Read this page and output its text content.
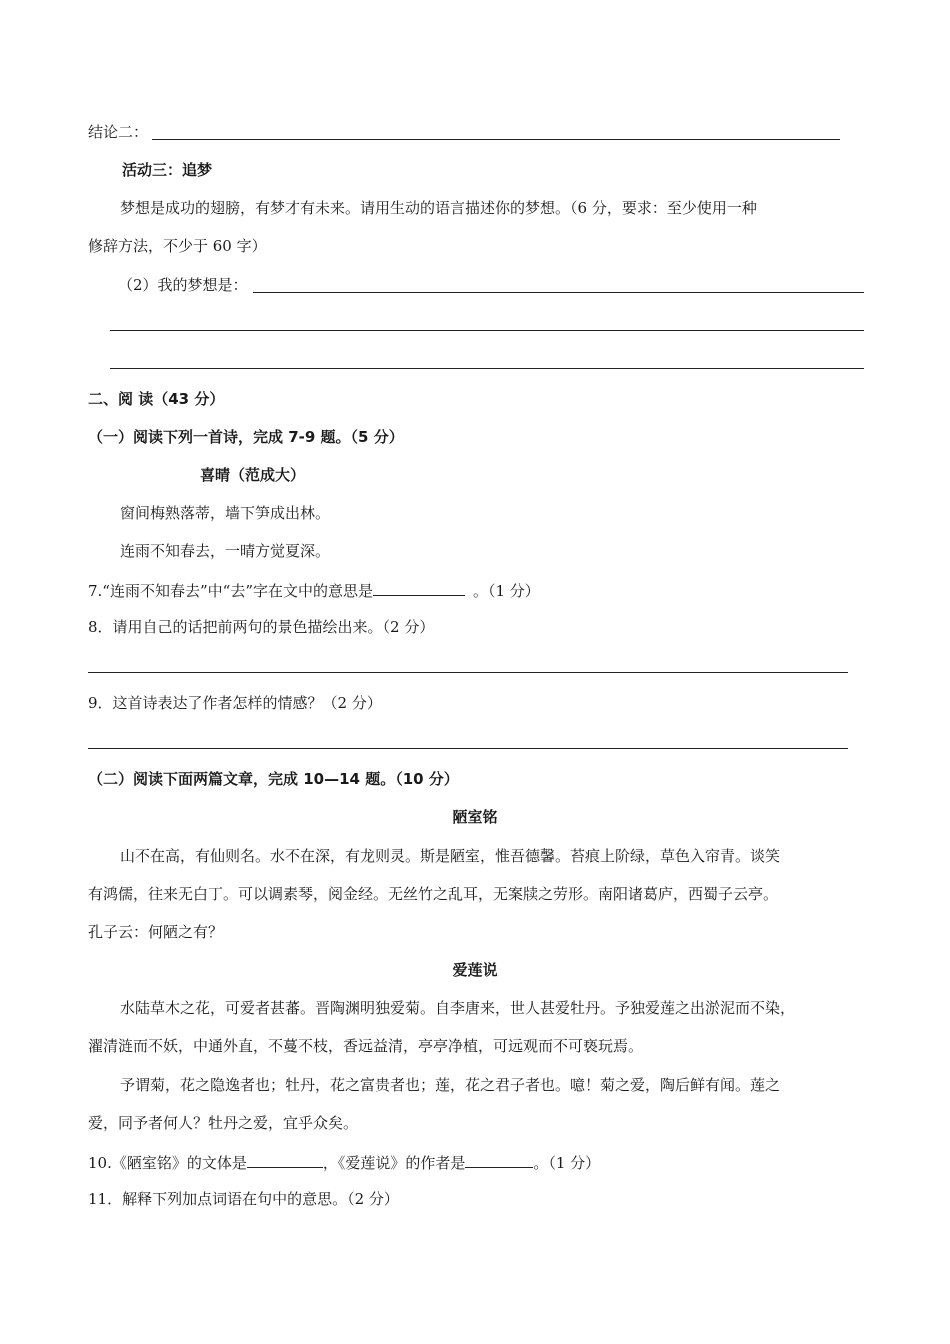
结论二：
活动三：追梦
梦想是成功的翅膀，有梦才有未来。请用生动的语言描述你的梦想。（6 分，要求：至少使用一种
修辞方法，不少于 60 字）
（2）我的梦想是：
二、阅 读（43 分）
（一）阅读下列一首诗，完成 7-9 题。（5 分）
喜晴（范成大）
窗间梅熟落蒂，墙下笋成出林。
连雨不知春去，一晴方觉夏深。
7.“连雨不知春去”中“去”字在文中的意思是	。（1 分）
8．请用自己的话把前两句的景色描绘出来。（2 分）
9．这首诗表达了作者怎样的情感？（2 分）
（二）阅读下面两篇文章，完成 10—14 题。（10 分）
陋室铭
山不在高，有仙则名。水不在深，有龙则灵。斯是陋室，惟吾德馨。苔痕上阶绿，草色入帘青。谈笑
有鸿儒，往来无白丁。可以调素琴，阅金经。无丝竹之乱耳，无案牍之劳形。南阳诸葛庐，西蜀子云亭。
孔子云：何陋之有？
爱莲说
水陆草木之花，可爱者甚蕃。晋陶渊明独爱菊。自李唐来，世人甚爱牡丹。予独爱莲之出淤泥而不染，
濯清涟而不妖，中通外直，不蔓不枝，香远益清，亭亭净植，可远观而不可亵玩焉。
予谓菊，花之隐逸者也；牡丹，花之富贵者也；莲，花之君子者也。噫！菊之爱，陶后鲜有闻。莲之
爱，同予者何人？牡丹之爱，宜乎众矣。
10.《陋室铭》的文体是	，《爱莲说》的作者是	。（1 分）
11．解释下列加点词语在句中的意思。（2 分）
